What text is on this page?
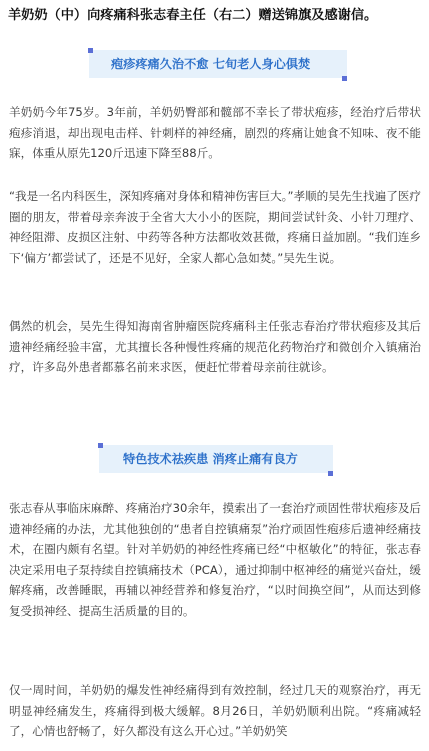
羊奶奶（中）向疼痛科张志春主任（右二）赠送锦旗及感谢信。
疱疹疼痛久治不愈 七旬老人身心俱焚

羊奶奶今年75岁。3年前，羊奶奶臀部和髋部不幸长了带状疱疹，经治疗后带状疱疹消退，却出现电击样、针刺样的神经痛，剧烈的疼痛让她食不知味、夜不能寐，体重从原先120斤迅速下降至88斤。

“我是一名内科医生，深知疼痛对身体和精神伤害巨大。”孝顺的吴先生找遍了医疗圈的朋友，带着母亲奔波于全省大大小小的医院，期间尝试针灸、小针刀理疗、神经阻滞、皮损区注射、中药等各种方法都收效甚微，疼痛日益加剧。“我们连乡下‘偏方’都尝试了，还是不见好，全家人都心急如焚。”吴先生说。

偶然的机会，吴先生得知海南省肿瘤医院疼痛科主任张志春治疗带状疱疹及其后遗神经痛经验丰富，尤其擅长各种慢性疼痛的规范化药物治疗和微创介入镇痛治疗，许多岛外患者都慕名前来求医，便赶忙带着母亲前往就诊。

特色技术祛疾患 消疼止痛有良方

张志春从事临床麻醉、疼痛治疗30余年，摸索出了一套治疗顽固性带状疱疹及后遗神经痛的办法，尤其他独创的“患者自控镇痛泵”治疗顽固性疱疹后遗神经痛技术，在圈内颇有名望。针对羊奶奶的神经性疼痛已经“中枢敏化”的特征，张志春决定采用电子泵持续自控镇痛技术（PCA），通过抑制中枢神经的痛觉兴奋灶，缓解疼痛，改善睡眠，再辅以神经营养和修复治疗，“以时间换空间”，从而达到修复受损神经、提高生活质量的目的。

仅一周时间，羊奶奶的爆发性神经痛得到有效控制，经过几天的观察治疗，再无明显神经痛发生，疼痛得到极大缓解。8月26日，羊奶奶顺利出院。“疼痛减轻了，心情也舒畅了，好久都没有这么开心过。”羊奶奶笑
